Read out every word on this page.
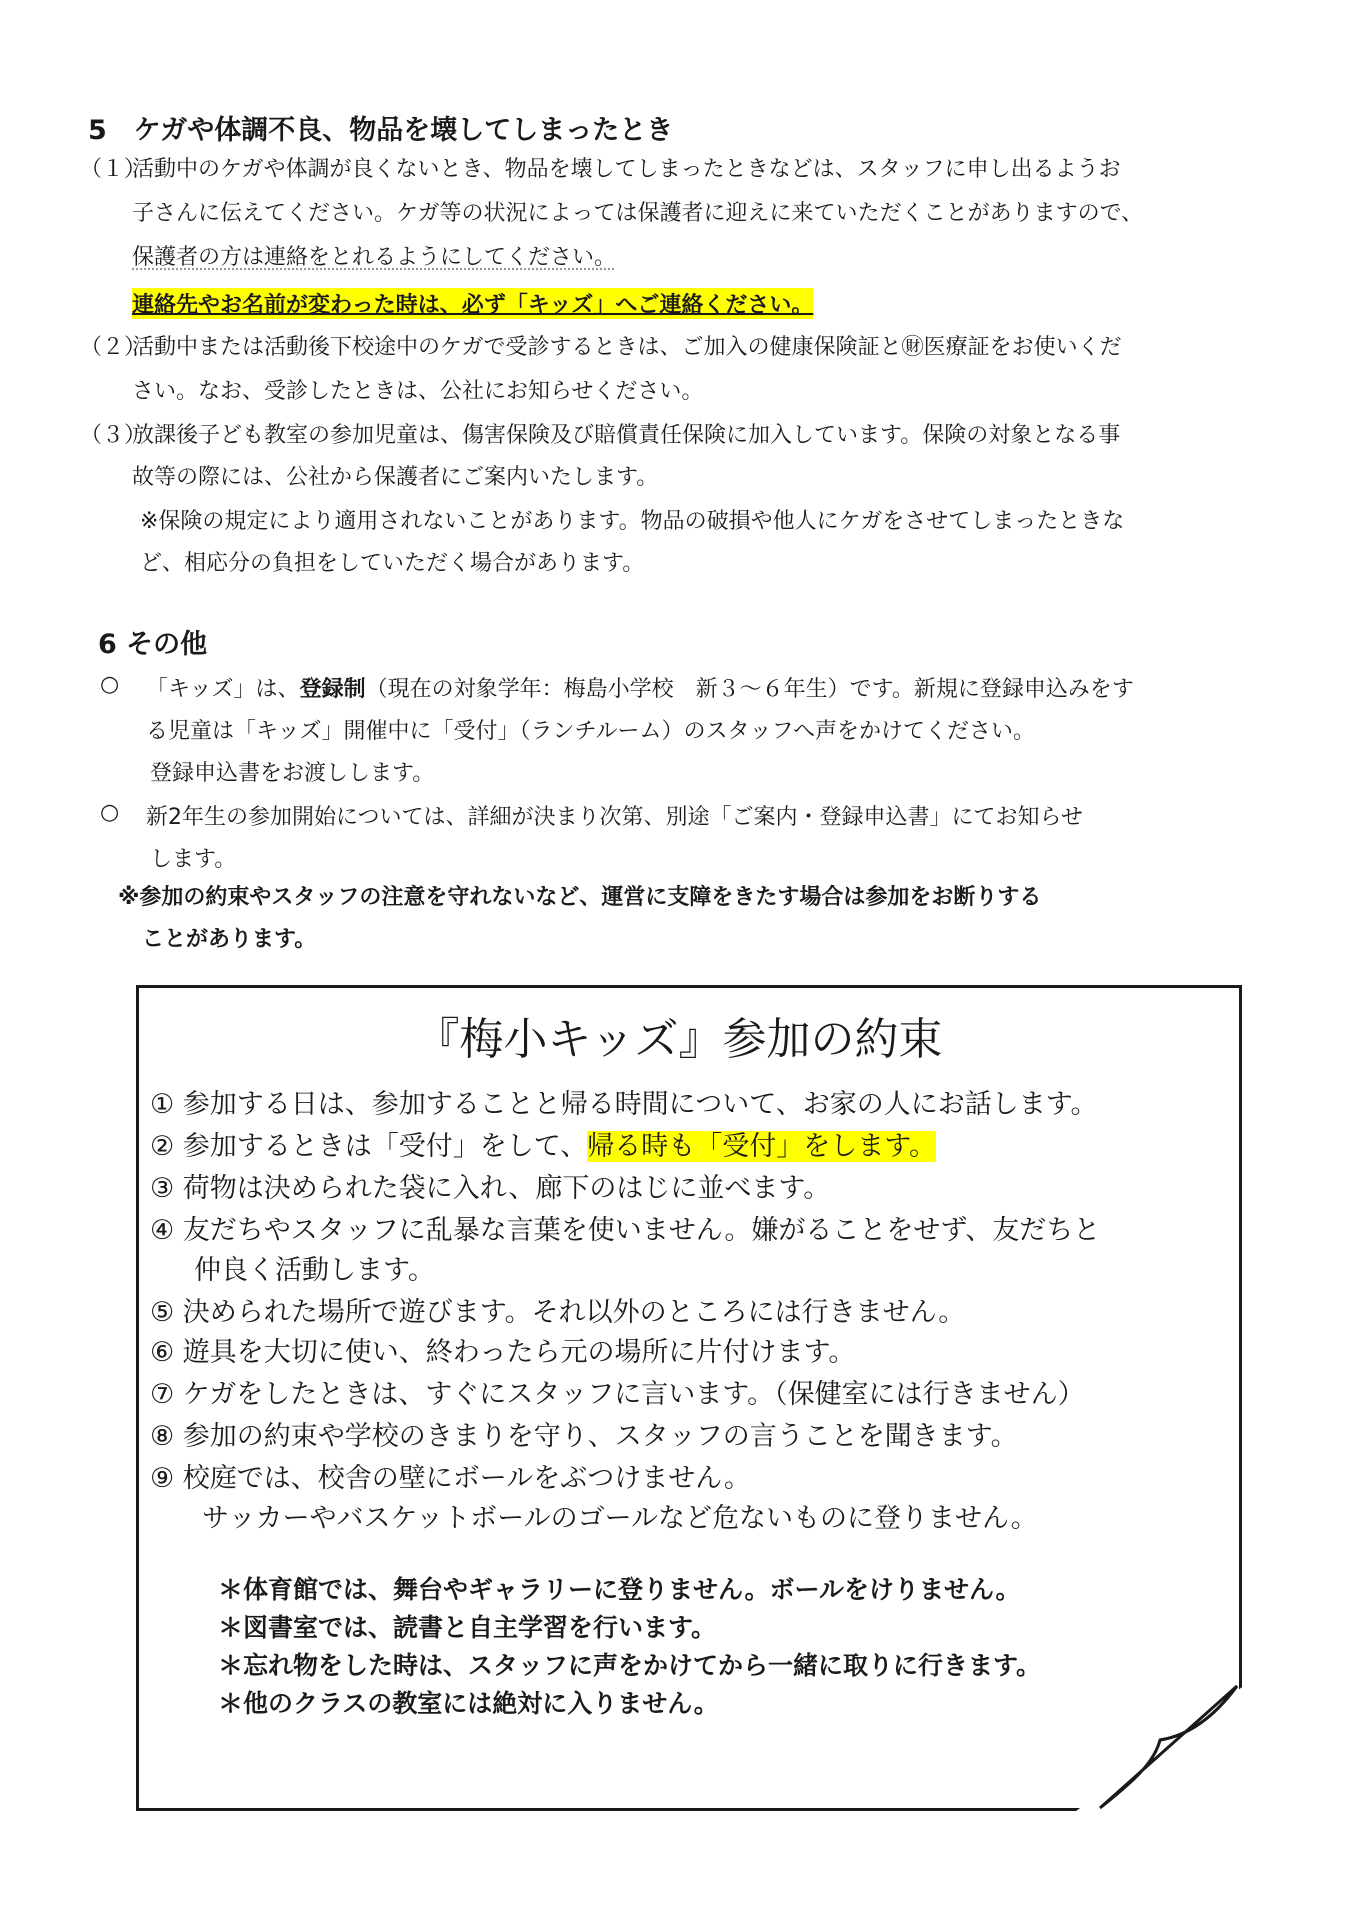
5　ケガや体調不良、物品を壊してしまったとき
（１）
活動中のケガや体調が良くないとき、物品を壊してしまったときなどは、スタッフに申し出るようお
子さんに伝えてください。ケガ等の状況によっては保護者に迎えに来ていただくことがありますので、
保護者の方は連絡をとれるようにしてください。
連絡先やお名前が変わった時は、必ず「キッズ」へご連絡ください。
（２）
活動中または活動後下校途中のケガで受診するときは、ご加入の健康保険証と㊖医療証をお使いくだ
さい。なお、受診したときは、公社にお知らせください。
（３）
放課後子ども教室の参加児童は、傷害保険及び賠償責任保険に加入しています。保険の対象となる事
故等の際には、公社から保護者にご案内いたします。
※保険の規定により適用されないことがあります。物品の破損や他人にケガをさせてしまったときな
ど、相応分の負担をしていただく場合があります。
6 その他
○ 「キッズ」は、登録制（現在の対象学年：梅島小学校　新３～６年生）です。新規に登録申込みをす
る児童は「キッズ」開催中に「受付」（ランチルーム）のスタッフへ声をかけてください。
登録申込書をお渡しします。
○ 新2年生の参加開始については、詳細が決まり次第、別途「ご案内・登録申込書」にてお知らせ
します。
※参加の約束やスタッフの注意を守れないなど、運営に支障をきたす場合は参加をお断りする
ことがあります。
『梅小キッズ』参加の約束
① 参加する日は、参加することと帰る時間について、お家の人にお話します。
② 参加するときは「受付」をして、帰る時も「受付」をします。
③ 荷物は決められた袋に入れ、廊下のはじに並べます。
④ 友だちやスタッフに乱暴な言葉を使いません。嫌がることをせず、友だちと
仲良く活動します。
⑤ 決められた場所で遊びます。それ以外のところには行きません。
⑥ 遊具を大切に使い、終わったら元の場所に片付けます。
⑦ ケガをしたときは、すぐにスタッフに言います。（保健室には行きません）
⑧ 参加の約束や学校のきまりを守り、スタッフの言うことを聞きます。
⑨ 校庭では、校舎の壁にボールをぶつけません。
サッカーやバスケットボールのゴールなど危ないものに登りません。
＊体育館では、舞台やギャラリーに登りません。ボールをけりません。
＊図書室では、読書と自主学習を行います。
＊忘れ物をした時は、スタッフに声をかけてから一緒に取りに行きます。
＊他のクラスの教室には絶対に入りません。
